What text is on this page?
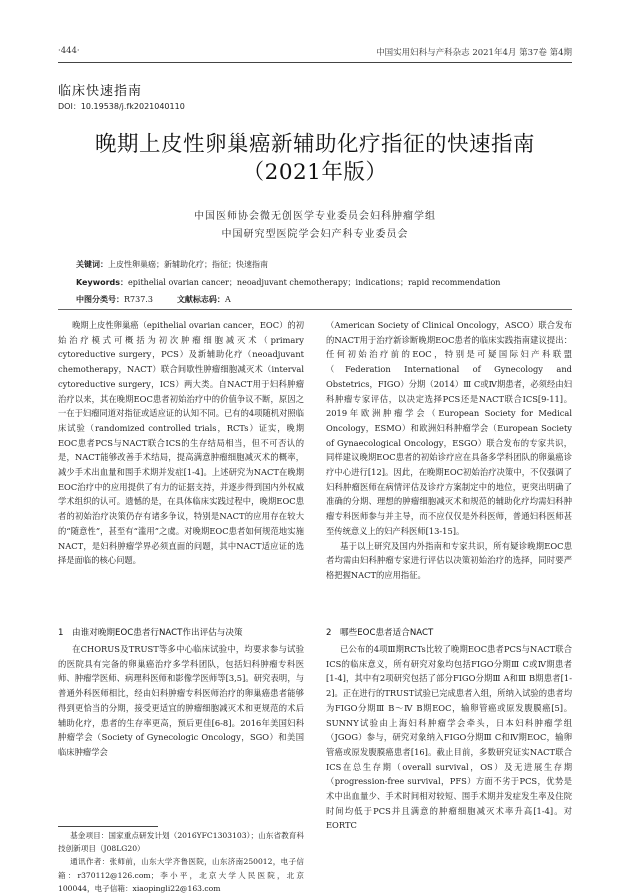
·444·	中国实用妇科与产科杂志 2021年4月 第37卷 第4期
临床快速指南
DOI：10.19538/j.fk2021040110
晚期上皮性卵巢癌新辅助化疗指征的快速指南
（2021年版）
中国医师协会微无创医学专业委员会妇科肿瘤学组
中国研究型医院学会妇产科专业委员会
关键词：上皮性卵巢癌；新辅助化疗；指征；快速指南
Keywords：epithelial ovarian cancer；neoadjuvant chemotherapy；indications；rapid recommendation
中图分类号：R737.3	文献标志码：A

晚期上皮性卵巢癌（epithelial ovarian cancer，EOC）的初始治疗模式可概括为初次肿瘤细胞减灭术（primary cytoreductive surgery，PCS）及新辅助化疗（neoadjuvant chemotherapy，NACT）联合间歇性肿瘤细胞减灭术（interval cytoreductive surgery，ICS）两大类。自NACT用于妇科肿瘤治疗以来，其在晚期EOC患者初始治疗中的价值争议不断，原因之一在于妇瘤同道对指征或适应证的认知不同。已有的4项随机对照临床试验（randomized controlled trials，RCTs）证实，晚期EOC患者PCS与NACT联合ICS的生存结局相当，但不可否认的是，NACT能够改善手术结局，提高满意肿瘤细胞减灭术的概率，减少手术出血量和围手术期并发症[1-4]。上述研究为NACT在晚期EOC治疗中的应用提供了有力的证据支持，并逐步得到国内外权威学术组织的认可。遗憾的是，在具体临床实践过程中，晚期EOC患者的初始治疗决策仍存有诸多争议，特别是NACT的应用存在较大的“随意性”，甚至有“滥用”之虞。对晚期EOC患者如何规范地实施NACT，是妇科肿瘤学界必须直面的问题，其中NACT适应证的选择是面临的核心问题。

（American Society of Clinical Oncology，ASCO）联合发布的NACT用于治疗新诊断晚期EOC患者的临床实践指南建议提出：任何初始治疗前的EOC，特别是可疑国际妇产科联盟（Federation International of Gynecology and Obstetrics，FIGO）分期（2014）Ⅲ C或Ⅳ期患者，必须经由妇科肿瘤专家评估，以决定选择PCS还是NACT联合ICS[9-11]。2019年欧洲肿瘤学会（European Society for Medical Oncology，ESMO）和欧洲妇科肿瘤学会（European Society of Gynaecological Oncology，ESGO）联合发布的专家共识，同样建议晚期EOC患者的初始诊疗应在具备多学科团队的卵巢癌诊疗中心进行[12]。因此，在晚期EOC初始治疗决策中，不仅强调了妇科肿瘤医师在病情评估及诊疗方案制定中的地位，更突出明确了准确的分期、理想的肿瘤细胞减灭术和规范的辅助化疗均需妇科肿瘤专科医师参与并主导，而不应仅仅是外科医师，普通妇科医师甚至传统意义上的妇产科医师[13-15]。

基于以上研究及国内外指南和专家共识，所有疑诊晚期EOC患者均需由妇科肿瘤专家进行评估以决策初始治疗的选择，同时要严格把握NACT的应用指征。

1　由谁对晚期EOC患者行NACT作出评估与决策	2　哪些EOC患者适合NACT

在CHORUS及TRUST等多中心临床试验中，均要求参与试验的医院具有完备的卵巢癌治疗多学科团队，包括妇科肿瘤专科医师、肿瘤学医师、病理科医师和影像学医师等[3,5]。研究表明，与普通外科医师相比，经由妇科肿瘤专科医师治疗的卵巢癌患者能够得到更恰当的分期，接受更适宜的肿瘤细胞减灭术和更规范的术后辅助化疗，患者的生存率更高，预后更佳[6-8]。2016年美国妇科肿瘤学会（Society of Gynecologic Oncology，SGO）和美国临床肿瘤学会

已公布的4项Ⅲ期RCTs比较了晚期EOC患者PCS与NACT联合ICS的临床意义，所有研究对象均包括FIGO分期Ⅲ C或Ⅳ期患者[1-4]，其中有2项研究包括了部分FIGO分期Ⅲ A和Ⅲ B期患者[1-2]。正在进行的TRUST试验已完成患者入组，所纳入试验的患者均为FIGO分期Ⅲ B～Ⅳ B期EOC，输卵管癌或原发腹膜癌[5]。SUNNY试验由上海妇科肿瘤学会牵头，日本妇科肿瘤学组（JGOG）参与，研究对象纳入FIGO分期Ⅲ C和Ⅳ期EOC，输卵管癌或原发腹膜癌患者[16]。截止目前，多数研究证实NACT联合ICS在总生存期（overall survival，OS）及无进展生存期（progression-free survival，PFS）方面不劣于PCS，优势是术中出血量少、手术时间相对较短、围手术期并发症发生率及住院时间均低于PCS并且满意的肿瘤细胞减灭术率升高[1-4]。对EORTC

基金项目：国家重点研发计划（2016YFC1303103）；山东省教育科技创新项目（J08LG20）

通讯作者：张师前，山东大学齐鲁医院，山东济南250012，电子信箱：r370112@126.com；李小平，北京大学人民医院，北京100044，电子信箱：xiaopingli22@163.com
